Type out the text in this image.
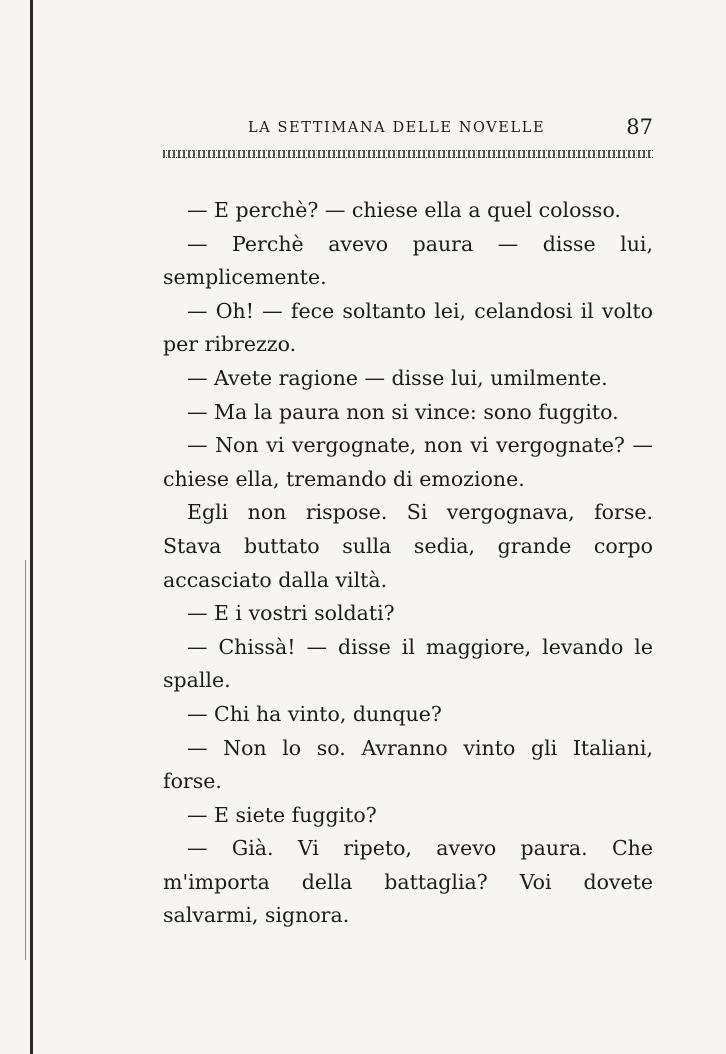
LA SETTIMANA DELLE NOVELLE	87

— E perchè? — chiese ella a quel colosso.

— Perchè avevo paura — disse lui, semplicemente.

— Oh! — fece soltanto lei, celandosi il volto per ribrezzo.

— Avete ragione — disse lui, umilmente.

— Ma la paura non si vince: sono fuggito.

— Non vi vergognate, non vi vergognate? — chiese ella, tremando di emozione.

Egli non rispose. Si vergognava, forse. Stava buttato sulla sedia, grande corpo accasciato dalla viltà.

— E i vostri soldati?

— Chissà! — disse il maggiore, levando le spalle.

— Chi ha vinto, dunque?

— Non lo so. Avranno vinto gli Italiani, forse.

— E siete fuggito?

— Già. Vi ripeto, avevo paura. Che m'importa della battaglia? Voi dovete salvarmi, signora.
